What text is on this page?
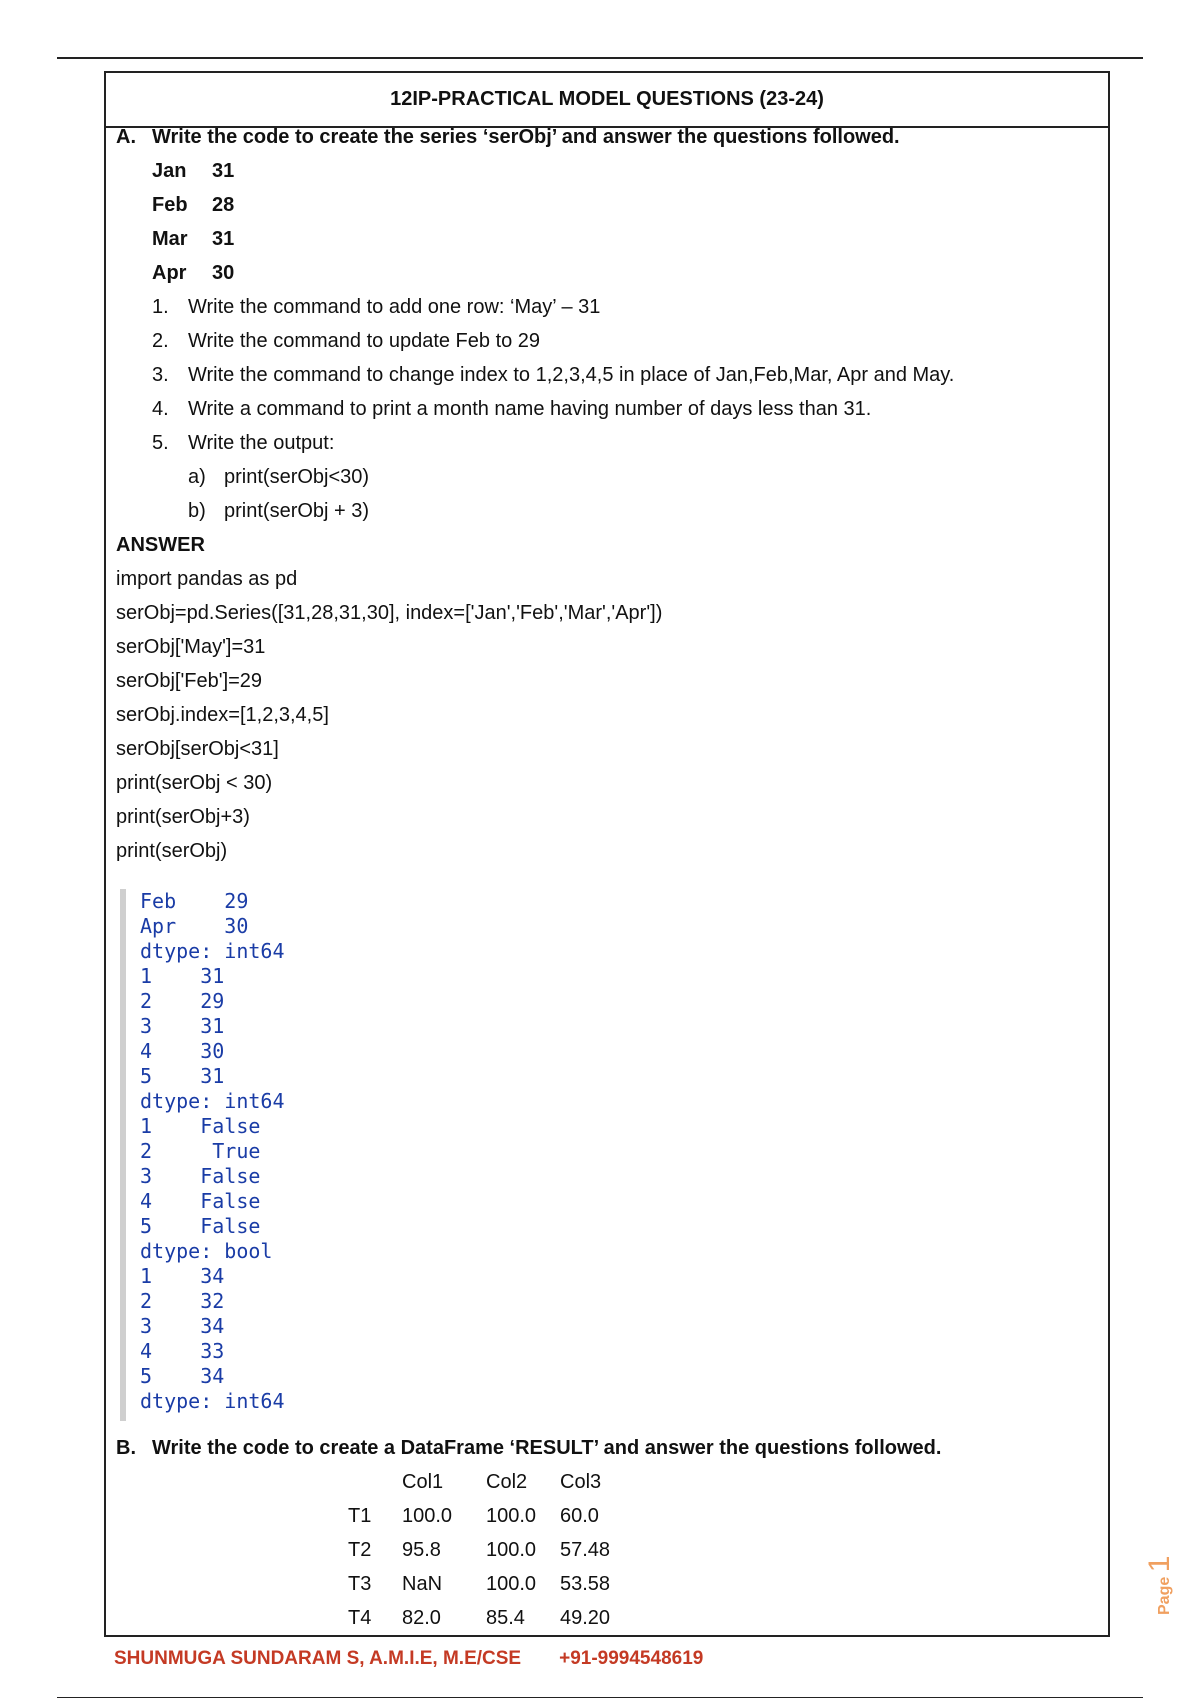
12IP-PRACTICAL MODEL QUESTIONS (23-24)
A. Write the code to create the series ‘serObj’ and answer the questions followed.
Jan 31
Feb 28
Mar 31
Apr 30
1. Write the command to add one row: ‘May’ – 31
2. Write the command to update Feb to 29
3. Write the command to change index to 1,2,3,4,5 in place of Jan,Feb,Mar, Apr and May.
4. Write a command to print a month name having number of days less than 31.
5. Write the output:
a) print(serObj<30)
b) print(serObj + 3)
ANSWER
import pandas as pd
serObj=pd.Series([31,28,31,30], index=['Jan','Feb','Mar','Apr'])
serObj['May']=31
serObj['Feb']=29
serObj.index=[1,2,3,4,5]
serObj[serObj<31]
print(serObj < 30)
print(serObj+3)
print(serObj)
Feb    29
Apr    30
dtype: int64
1    31
2    29
3    31
4    30
5    31
dtype: int64
1    False
2     True
3    False
4    False
5    False
dtype: bool
1    34
2    32
3    34
4    33
5    34
dtype: int64
B. Write the code to create a DataFrame ‘RESULT’ and answer the questions followed.
Col1 Col2 Col3
T1 100.0 100.0 60.0
T2 95.8 100.0 57.48
T3 NaN 100.0 53.58
T4 82.0 85.4 49.20
SHUNMUGA SUNDARAM S, A.M.I.E, M.E/CSE +91-9994548619
Page 1
